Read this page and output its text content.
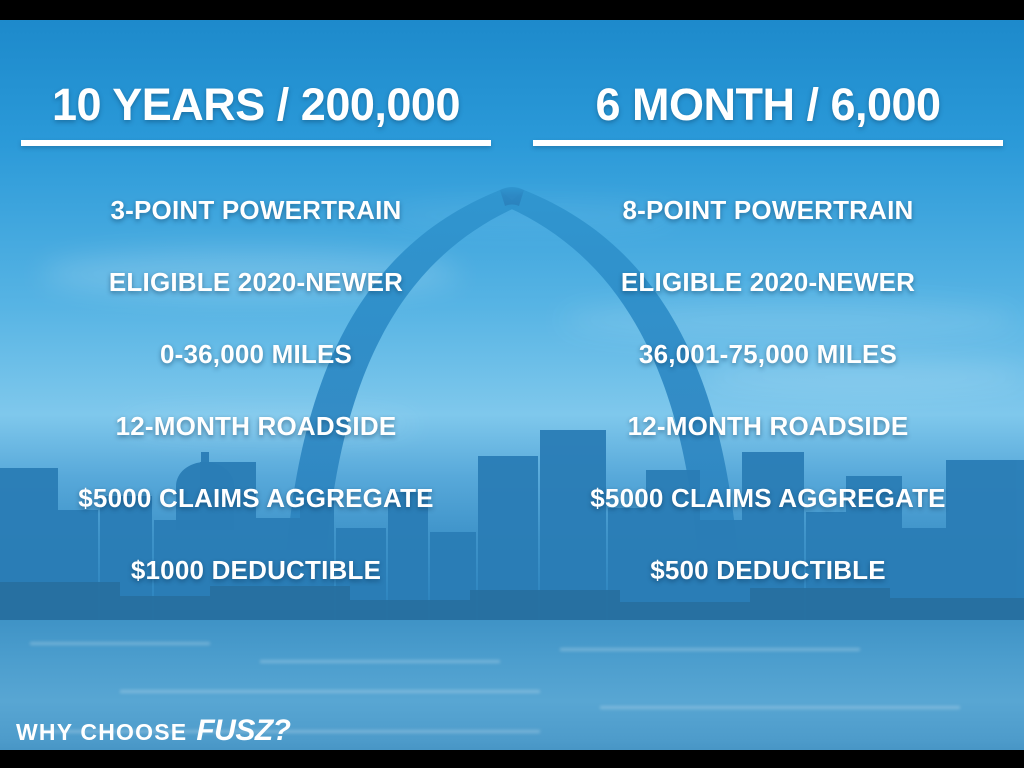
10 YEARS / 200,000
3-POINT POWERTRAIN
ELIGIBLE 2020-NEWER
0-36,000 MILES
12-MONTH ROADSIDE
$5000 CLAIMS AGGREGATE
$1000 DEDUCTIBLE
6 MONTH / 6,000
8-POINT POWERTRAIN
ELIGIBLE 2020-NEWER
36,001-75,000 MILES
12-MONTH ROADSIDE
$5000 CLAIMS AGGREGATE
$500 DEDUCTIBLE
WHY CHOOSE FUSZ?
